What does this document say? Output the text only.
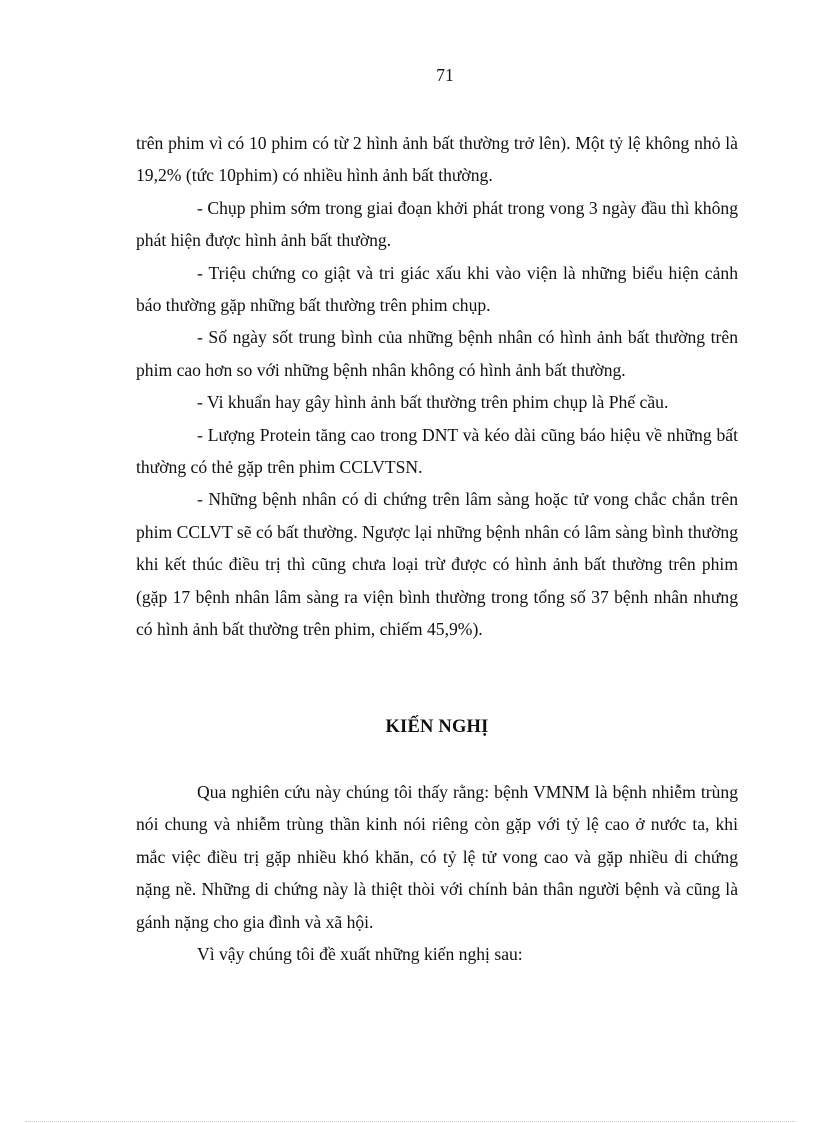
71

trên phim vì có 10 phim có từ 2 hình ảnh bất thường trở lên). Một tỷ lệ không nhỏ là 19,2% (tức 10phim) có nhiều hình ảnh bất thường.

- Chụp phim sớm trong giai đoạn khởi phát trong vong 3 ngày đầu thì không phát hiện được hình ảnh bất thường.

- Triệu chứng co giật và tri giác xấu khi vào viện là những biểu hiện cảnh báo thường gặp những bất thường trên phim chụp.

- Số ngày sốt trung bình của những bệnh nhân có hình ảnh bất thường trên phim cao hơn so với những bệnh nhân không có hình ảnh bất thường.

- Vi khuẩn hay gây hình ảnh bất thường trên phim chụp là Phế cầu.

- Lượng Protein tăng cao trong DNT và kéo dài cũng báo hiệu về những bất thường có thẻ gặp trên phim CCLVTSN.

- Những bệnh nhân có di chứng trên lâm sàng hoặc tử vong chắc chắn trên phim CCLVT sẽ có bất thường. Ngược lại những bệnh nhân có lâm sàng bình thường khi kết thúc điều trị thì cũng chưa loại trừ được có hình ảnh bất thường trên phim (gặp 17 bệnh nhân lâm sàng ra viện bình thường trong tổng số 37 bệnh nhân nhưng có hình ảnh bất thường trên phim, chiếm 45,9%).

KIẾN NGHỊ

Qua nghiên cứu này chúng tôi thấy rằng: bệnh VMNM là bệnh nhiễm trùng nói chung và nhiễm trùng thần kinh nói riêng còn gặp với tỷ lệ cao ở nước ta, khi mắc việc điều trị gặp nhiều khó khăn, có tỷ lệ tử vong cao và gặp nhiều di chứng nặng nề. Những di chứng này là thiệt thòi với chính bản thân người bệnh và cũng là gánh nặng cho gia đình và xã hội.

Vì vậy chúng tôi đề xuất những kiến nghị sau:
